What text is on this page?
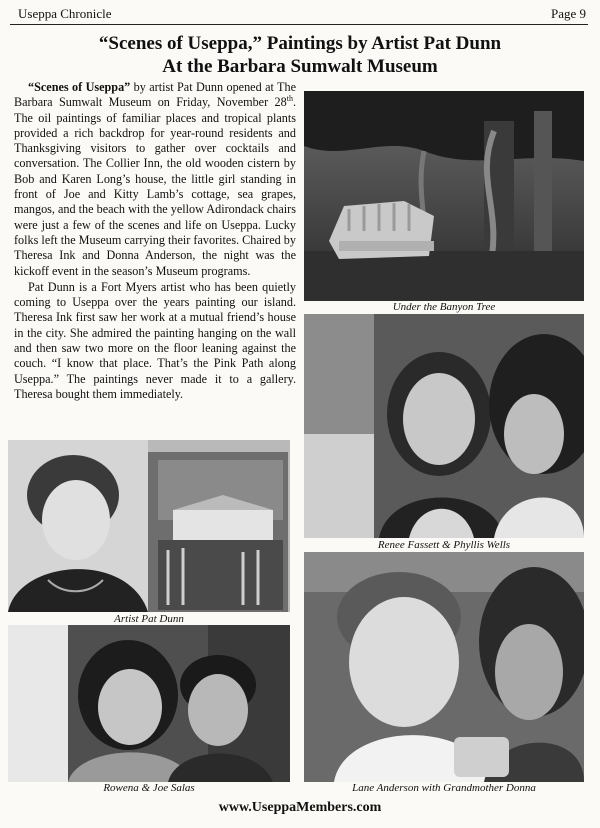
Useppa Chronicle	Page 9
“Scenes of Useppa,” Paintings by Artist Pat Dunn
At the Barbara Sumwalt Museum

“Scenes of Useppa” by artist Pat Dunn opened at The Barbara Sumwalt Museum on Friday, November 28th. The oil paintings of familiar places and tropical plants provided a rich backdrop for year-round residents and Thanksgiving visitors to gather over cocktails and conversation. The Collier Inn, the old wooden cistern by Bob and Karen Long’s house, the little girl standing in front of Joe and Kitty Lamb’s cottage, sea grapes, mangos, and the beach with the yellow Adirondack chairs were just a few of the scenes and life on Useppa. Lucky folks left the Museum carrying their favorites. Chaired by Theresa Ink and Donna Anderson, the night was the kickoff event in the season’s Museum programs.

Pat Dunn is a Fort Myers artist who has been quietly coming to Useppa over the years painting our island. Theresa Ink first saw her work at a mutual friend’s house in the city. She admired the painting hanging on the wall and then saw two more on the floor leaning against the couch. “I know that place. That’s the Pink Path along Useppa.” The paintings never made it to a gallery. Theresa bought them immediately.

Under the Banyon Tree
Renee Fassett & Phyllis Wells
Artist Pat Dunn
Rowena & Joe Salas	Lane Anderson with Grandmother Donna
www.UseppaMembers.com
